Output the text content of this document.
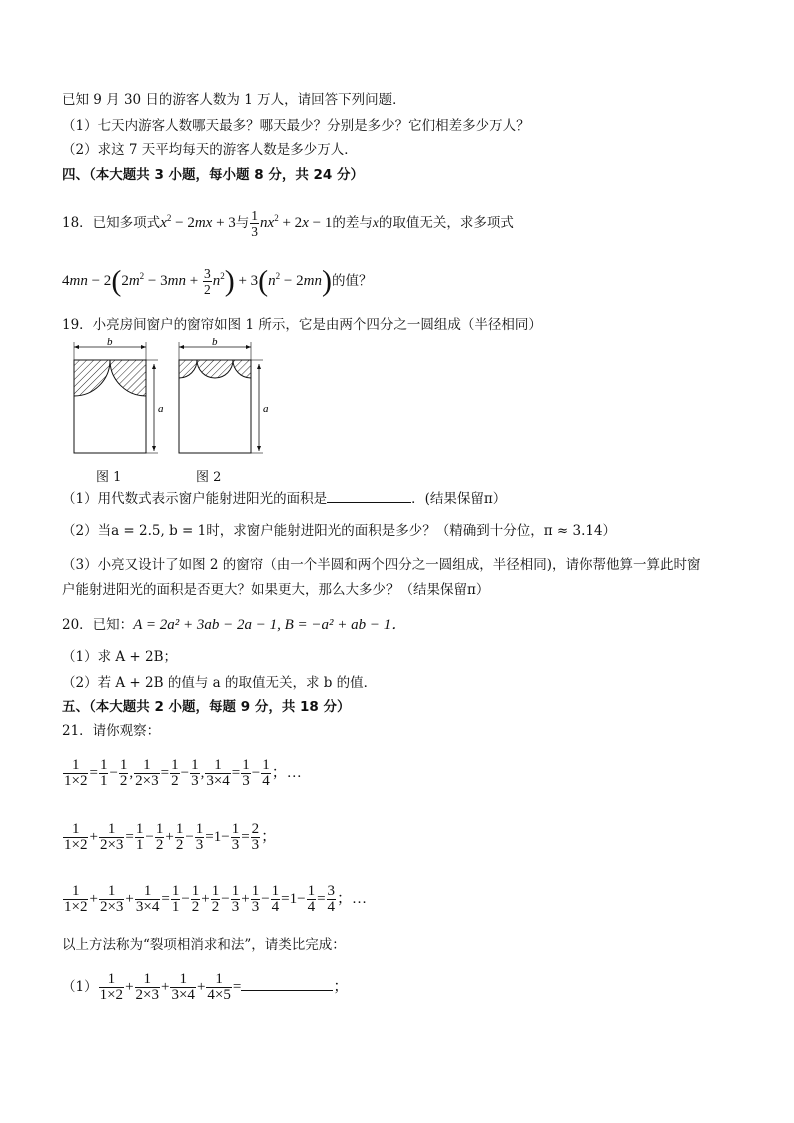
已知 9 月 30 日的游客人数为 1 万人，请回答下列问题．
（1）七天内游客人数哪天最多？哪天最少？分别是多少？它们相差多少万人？
（2）求这 7 天平均每天的游客人数是多少万人．
四、（本大题共 3 小题，每小题 8 分，共 24 分）
18．已知多项式$x^2 - 2mx + 3$与 $\frac{1}{3} nx^2 + 2x - 1$的差与x的取值无关，求多项式
$4mn - 2(2m^2 - 3mn + \frac{3}{2} n^2) + 3(n^2 - 2mn)$的值？
19．小亮房间窗户的窗帘如图 1 所示，它是由两个四分之一圆组成（半径相同）
b
a
b
a
图 1	图 2
（1）用代数式表示窗户能射进阳光的面积是	．(结果保留π）
（2）当a = 2.5, b = 1时，求窗户能射进阳光的面积是多少？（精确到十分位，π ≈ 3.14）
（3）小亮又设计了如图 2 的窗帘（由一个半圆和两个四分之一圆组成，半径相同)，请你帮他算一算此时窗
户能射进阳光的面积是否更大？如果更大，那么大多少？（结果保留π）
20．已知：A = 2a² + 3ab − 2a − 1, B = −a² + ab − 1．
（1）求 A + 2B；
（2）若 A + 2B 的值与 a 的取值无关，求 b 的值．
五、（本大题共 2 小题，每题 9 分，共 18 分）
21．请你观察：
$\frac{1}{1\times 2} = \frac{1}{1} - \frac{1}{2}$ , $\frac{1}{2\times 3} = \frac{1}{2} - \frac{1}{3}$ , $\frac{1}{3\times 4} = \frac{1}{3} - \frac{1}{4}$ ；…
$\frac{1}{1\times 2} + \frac{1}{2\times 3} = \frac{1}{1} - \frac{1}{2} + \frac{1}{2} - \frac{1}{3} =1- \frac{1}{3} = \frac{2}{3}$ ；
$\frac{1}{1\times 2} + \frac{1}{2\times 3} + \frac{1}{3\times 4} = \frac{1}{1} - \frac{1}{2} + \frac{1}{2} - \frac{1}{3} + \frac{1}{3} - \frac{1}{4} =1- \frac{1}{4} = \frac{3}{4}$ ；…
以上方法称为“裂项相消求和法”，请类比完成：
$(1) \frac{1}{1\times 2} + \frac{1}{2\times 3} + \frac{1}{3\times 4} + \frac{1}{4\times 5}$ =	；
